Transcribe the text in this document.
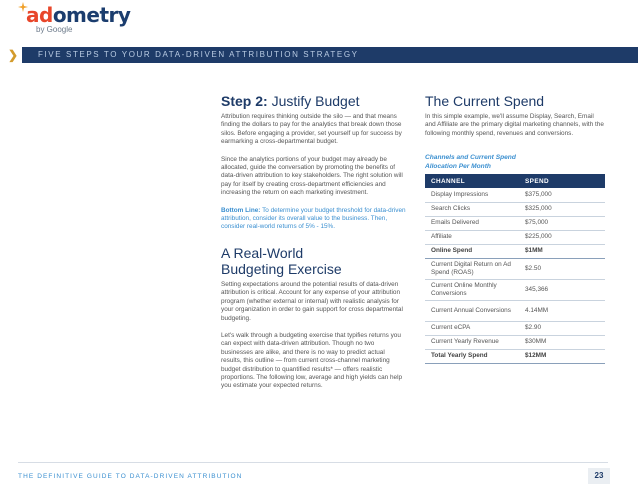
adometry
by Google
❯ FIVE STEPS TO YOUR DATA-DRIVEN ATTRIBUTION STRATEGY
Step 2: Justify Budget

Attribution requires thinking outside the silo — and that means finding the dollars to pay for the analytics that break down those silos. Before engaging a provider, set yourself up for success by earmarking a cross-departmental budget.

Since the analytics portions of your budget may already be allocated, guide the conversation by promoting the benefits of data-driven attribution to key stakeholders. The right solution will pay for itself by creating cross-department efficiencies and increasing the return on each marketing investment.

Bottom Line: To determine your budget threshold for data-driven attribution, consider its overall value to the business. Then, consider real-world returns of 5% - 15%.

A Real-World
Budgeting Exercise

Setting expectations around the potential results of data-driven attribution is critical. Account for any expense of your attribution program (whether external or internal) with realistic analysis for your organization in order to gain support for cross departmental budgeting.

Let's walk through a budgeting exercise that typifies returns you can expect with data-driven attribution. Though no two businesses are alike, and there is no way to predict actual results, this outline — from current cross-channel marketing budget distribution to quantified results* — offers realistic proportions. The following low, average and high yields can help you estimate your expected returns.

The Current Spend

In this simple example, we'll assume Display, Search, Email and Affiliate are the primary digital marketing channels, with the following monthly spend, revenues and conversions.

Channels and Current Spend
Allocation Per Month
CHANNEL	SPEND
Display Impressions	$375,000
Search Clicks	$325,000
Emails Delivered	$75,000
Affiliate	$225,000
Online Spend	$1MM
Current Digital Return on Ad Spend (ROAS)	$2.50
Current Online Monthly Conversions	345,366
Current Annual Conversions	4.14MM
Current eCPA	$2.90
Current Yearly Revenue	$30MM
Total Yearly Spend	$12MM
THE DEFINITIVE GUIDE TO DATA-DRIVEN ATTRIBUTION	23
